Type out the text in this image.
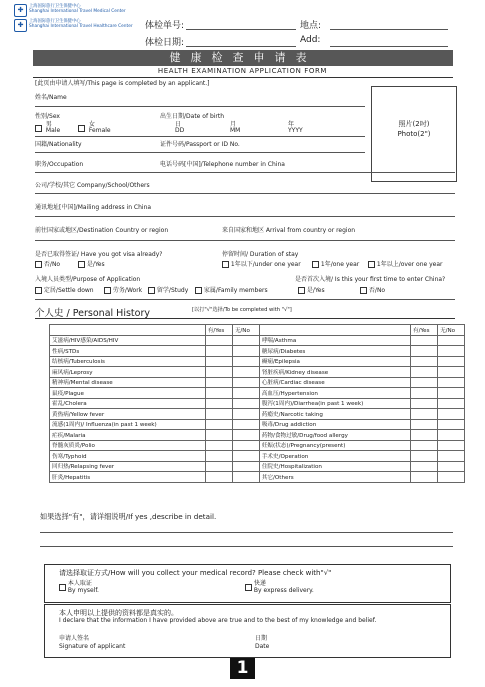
✚	上海国际旅行卫生保健中心
Shanghai International Travel Medical Center
✚	上海国际旅行卫生保健中心
Shanghai International Travel Healthcare Center 体检单号:
体检日期:
地点:
Add:
健康检查申请表
HEALTH EXAMINATION APPLICATION FORM
[此页由申请人填写/This page is completed by an applicant.]
姓名/Name
性别/Sex
男
Male
女
Female
出生日期/Date of birth
日
DD
月
MM
年
YYYY
照片(2吋)
Photo(2")
国籍/Nationality	证件号码/Passport or ID No.
职务/Occupation	电话号码[中国]/Telephone number in China
公司/学校/其它 Company/School/Others
通讯地址[中国]/Mailing address in China
前往国家或地区/Destination Country or region	来自国家和地区 Arrival from country or region
是否已取得签证/ Have you got visa already?
否/No	是/Yes
停留时间/ Duration of stay
1年以下/under one year	1年/one year	1年以上/over one year
入境人员类型/Purpose of Application
定居/Settle down	劳务/Work	留学/Study	家属/Family members
是否首次入境/ Is this your first time to enter China?
是/Yes	否/No
个人史 / Personal History	[以打"√"选择/To be completed with "√"]
	有/Yes	无/No		有/Yes	无/No
艾滋病/HIV感染/AIDS/HIV			哮喘/Asthma		
性病/STDs			糖尿病/Diabetes		
结核病/Tuberculosis			癫痫/Epilepsia		
麻风病/Leprosy			肾脏疾病/Kidney disease		
精神病/Mental disease			心脏病/Cardiac disease		
鼠疫/Plague			高血压/Hypertension		
霍乱/Cholera			腹泻(1周内)/Diarrhea(in past 1 week)		
黄热病/Yellow fever			药瘾史/Narcotic taking		
流感(1周内)/ Influenza(in past 1 week)			吸毒/Drug addiction		
疟疾/Malaria			药物/食物过敏/Drug/food allergy		
脊髓灰质炎/Polio			妊娠(状态)/Pregnancy(present)		
伤寒/Typhoid			手术史/Operation		
回归热/Relapsing fever			住院史/Hospitalization		
肝炎/Hepatitis			其它/Others		
如果选择"有"，请详细说明/If yes ,describe in detail.
请选择取证方式/How will you collect your medical record? Please check with"√"
本人取证
By myself.
快递
By express delivery.
本人申明以上提供的资料都是真实的。
I declare that the information I have provided above are true and to the best of my knowledge and belief.
申请人签名
Signature of applicant
日期
Date
1
